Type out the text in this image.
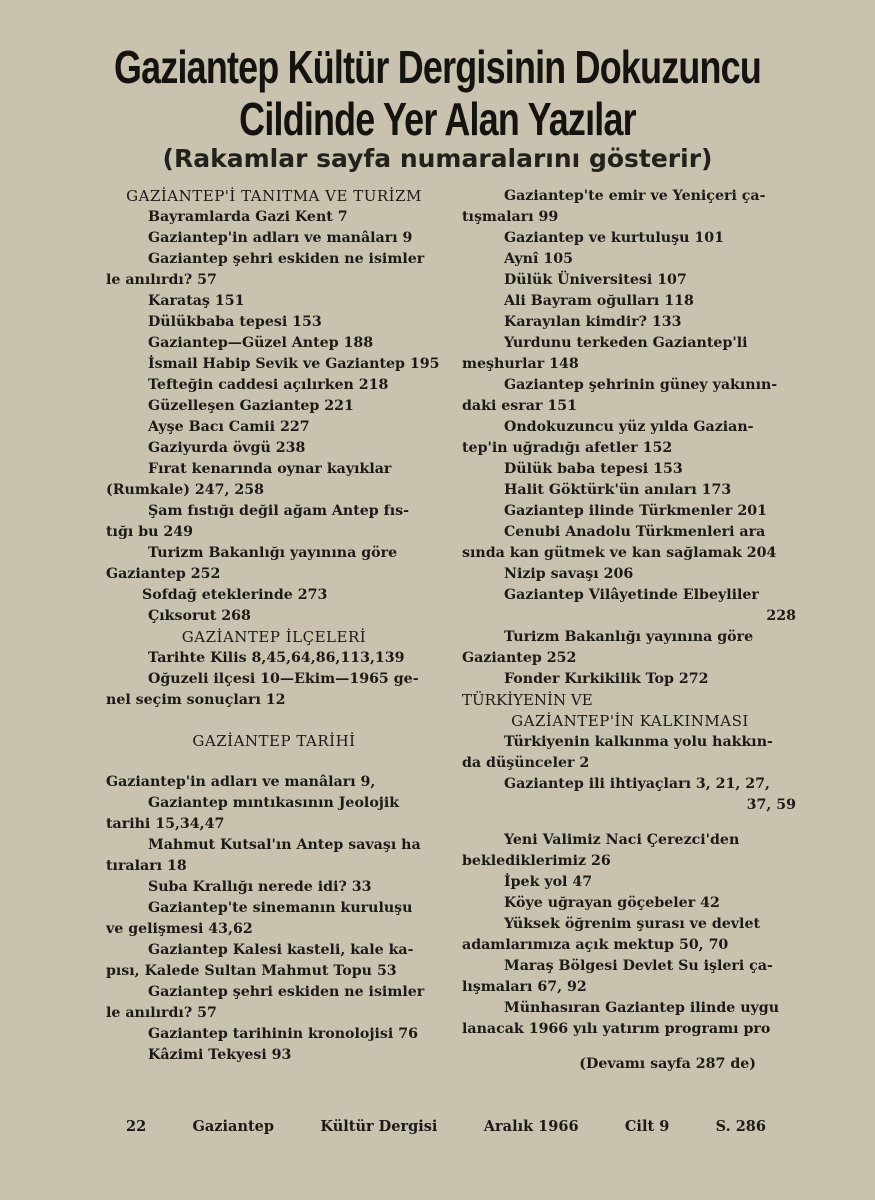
Gaziantep Kültür Dergisinin Dokuzuncu
Cildinde Yer Alan Yazılar
(Rakamlar sayfa numaralarını gösterir)
GAZİANTEP'İ TANITMA VE TURİZM
Bayramlarda Gazi Kent 7
Gaziantep'in adları ve manâları 9
Gaziantep şehri eskiden ne isimler
le anılırdı? 57
Karataş 151
Dülükbaba tepesi 153
Gaziantep—Güzel Antep 188
İsmail Habip Sevik ve Gaziantep 195
Tefteğin caddesi açılırken 218
Güzelleşen Gaziantep 221
Ayşe Bacı Camii 227
Gaziyurda övgü 238
Fırat kenarında oynar kayıklar
(Rumkale) 247, 258
Şam fıstığı değil ağam Antep fıs-
tığı bu 249
Turizm Bakanlığı yayınına göre
Gaziantep 252
Sofdağ eteklerinde 273
Çıksorut 268
GAZİANTEP İLÇELERİ
Tarihte Kilis 8,45,64,86,113,139
Oğuzeli ilçesi 10—Ekim—1965 ge-
nel seçim sonuçları 12
GAZİANTEP TARİHİ
Gaziantep'in adları ve manâları 9,
Gaziantep mıntıkasının Jeolojik
tarihi 15,34,47
Mahmut Kutsal'ın Antep savaşı ha
tıraları 18
Suba Krallığı nerede idi? 33
Gaziantep'te sinemanın kuruluşu
ve gelişmesi 43,62
Gaziantep Kalesi kasteli, kale ka-
pısı, Kalede Sultan Mahmut Topu 53
Gaziantep şehri eskiden ne isimler
le anılırdı? 57
Gaziantep tarihinin kronolojisi 76
Kâzimi Tekyesi 93
Gaziantep'te emir ve Yeniçeri ça-
tışmaları 99
Gaziantep ve kurtuluşu 101
Aynî 105
Dülük Üniversitesi 107
Ali Bayram oğulları 118
Karayılan kimdir? 133
Yurdunu terkeden Gaziantep'li
meşhurlar 148
Gaziantep şehrinin güney yakının-
daki esrar 151
Ondokuzuncu yüz yılda Gazian-
tep'in uğradığı afetler 152
Dülük baba tepesi 153
Halit Göktürk'ün anıları 173
Gaziantep ilinde Türkmenler 201
Cenubi Anadolu Türkmenleri ara
sında kan gütmek ve kan sağlamak 204
Nizip savaşı 206
Gaziantep Vilâyetinde Elbeyliler
228
Turizm Bakanlığı yayınına göre
Gaziantep 252
Fonder Kırkikilik Top 272
TÜRKİYENİN VE
GAZİANTEP'İN KALKINMASI
Türkiyenin kalkınma yolu hakkın-
da düşünceler 2
Gaziantep ili ihtiyaçları 3, 21, 27,
37, 59
Yeni Valimiz Naci Çerezci'den
beklediklerimiz 26
İpek yol 47
Köye uğrayan göçebeler 42
Yüksek öğrenim şurası ve devlet
adamlarımıza açık mektup 50, 70
Maraş Bölgesi Devlet Su işleri ça-
lışmaları 67, 92
Münhasıran Gaziantep ilinde uygu
lanacak 1966 yılı yatırım programı pro
(Devamı sayfa 287 de)
22	Gaziantep	Kültür Dergisi	Aralık 1966	Cilt 9	S. 286
